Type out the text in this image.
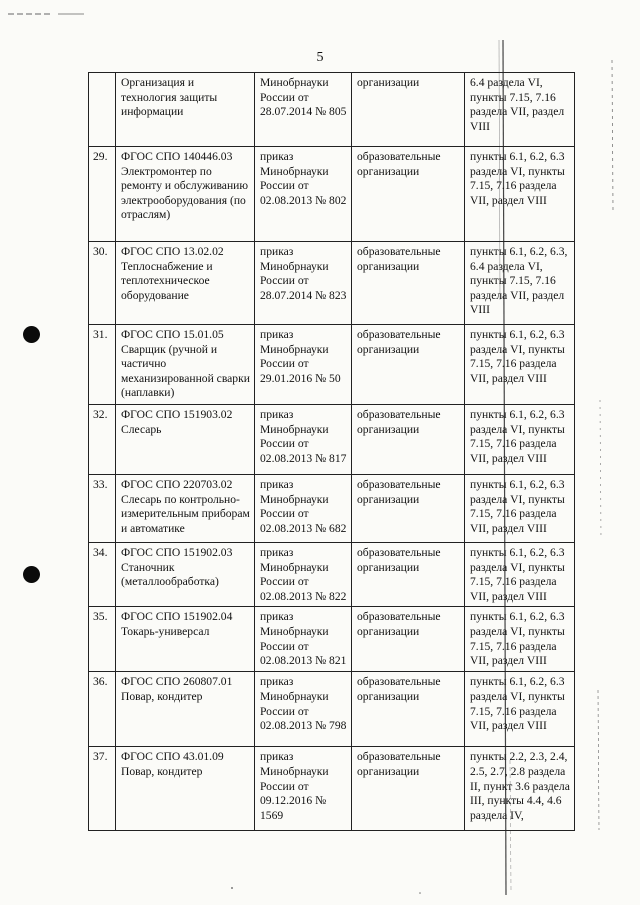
5
	Организация и технология защиты информации	Минобрнауки России от 28.07.2014 № 805	организации	6.4 раздела VI, пункты 7.15, 7.16 раздела VII, раздел VIII
29.	ФГОС СПО 140446.03 Электромонтер по ремонту и обслуживанию электрооборудования (по отраслям)	приказ Минобрнауки России от 02.08.2013 № 802	образовательные организации	пункты 6.1, 6.2, 6.3 раздела VI, пункты 7.15, 7.16 раздела VII, раздел VIII
30.	ФГОС СПО 13.02.02 Теплоснабжение и теплотехническое оборудование	приказ Минобрнауки России от 28.07.2014 № 823	образовательные организации	пункты 6.1, 6.2, 6.3, 6.4 раздела VI, пункты 7.15, 7.16 раздела VII, раздел VIII
31.	ФГОС СПО 15.01.05 Сварщик (ручной и частично механизированной сварки (наплавки)	приказ Минобрнауки России от 29.01.2016 № 50	образовательные организации	пункты 6.1, 6.2, 6.3 раздела VI, пункты 7.15, 7.16 раздела VII, раздел VIII
32.	ФГОС СПО 151903.02 Слесарь	приказ Минобрнауки России от 02.08.2013 № 817	образовательные организации	пункты 6.1, 6.2, 6.3 раздела VI, пункты 7.15, 7.16 раздела VII, раздел VIII
33.	ФГОС СПО 220703.02 Слесарь по контрольно-измерительным приборам и автоматике	приказ Минобрнауки России от 02.08.2013 № 682	образовательные организации	пункты 6.1, 6.2, 6.3 раздела VI, пункты 7.15, 7.16 раздела VII, раздел VIII
34.	ФГОС СПО 151902.03 Станочник (металлообработка)	приказ Минобрнауки России от 02.08.2013 № 822	образовательные организации	пункты 6.1, 6.2, 6.3 раздела VI, пункты 7.15, 7.16 раздела VII, раздел VIII
35.	ФГОС СПО 151902.04 Токарь-универсал	приказ Минобрнауки России от 02.08.2013 № 821	образовательные организации	пункты 6.1, 6.2, 6.3 раздела VI, пункты 7.15, 7.16 раздела VII, раздел VIII
36.	ФГОС СПО 260807.01 Повар, кондитер	приказ Минобрнауки России от 02.08.2013 № 798	образовательные организации	пункты 6.1, 6.2, 6.3 раздела VI, пункты 7.15, 7.16 раздела VII, раздел VIII
37.	ФГОС СПО 43.01.09 Повар, кондитер	приказ Минобрнауки России от 09.12.2016 № 1569	образовательные организации	пункты 2.2, 2.3, 2.4, 2.5, 2.7, 2.8 раздела II, пункт 3.6 раздела III, пункты 4.4, 4.6 раздела IV,
